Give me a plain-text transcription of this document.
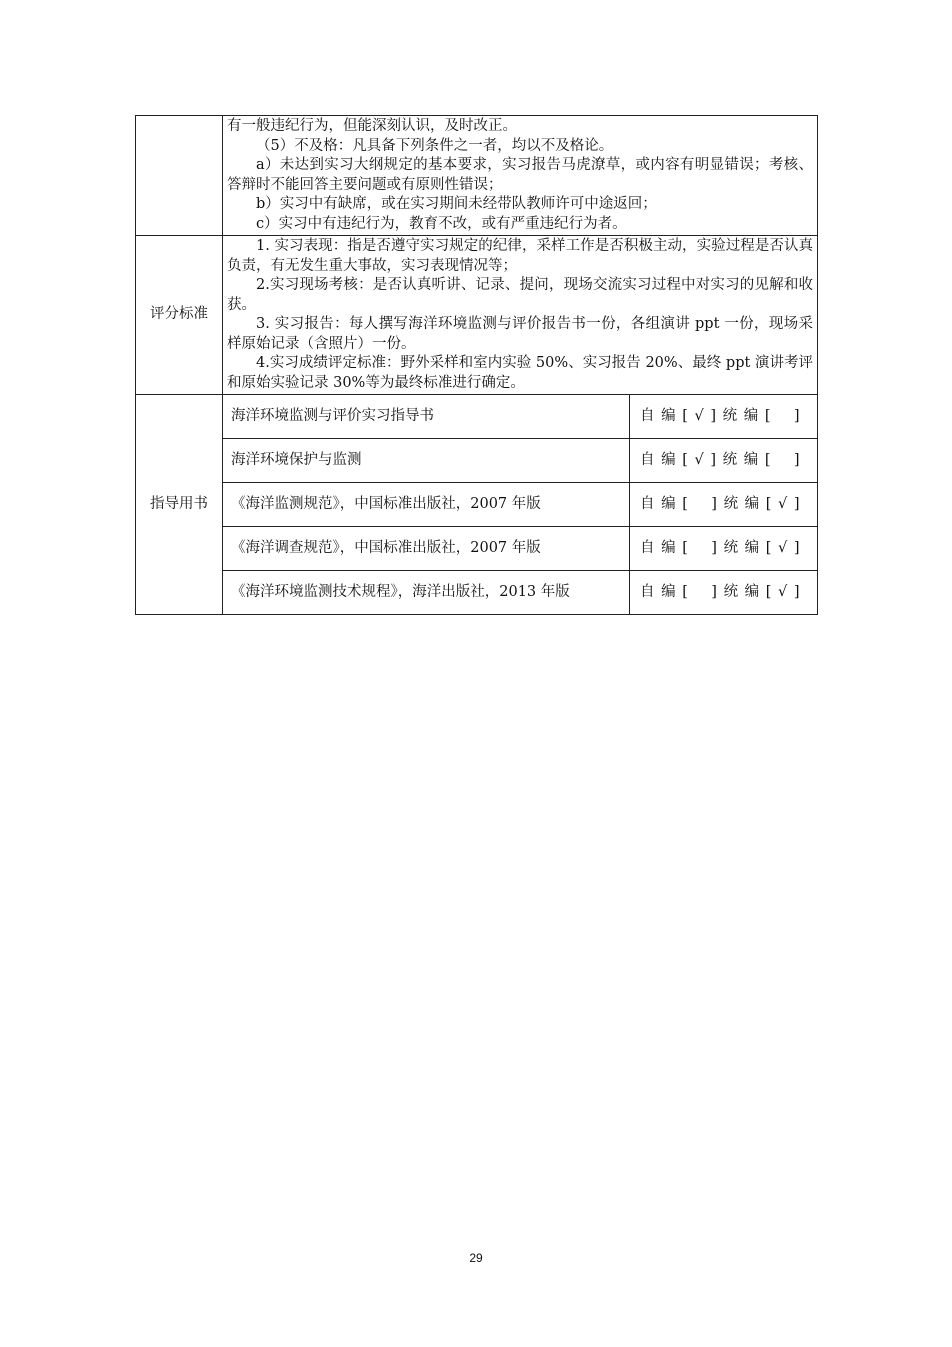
	有一般违纪行为，但能深刻认识，及时改正。

（5）不及格：凡具备下列条件之一者，均以不及格论。

a）未达到实习大纲规定的基本要求，实习报告马虎潦草，或内容有明显错误；考核、答辩时不能回答主要问题或有原则性错误；

b）实习中有缺席，或在实习期间未经带队教师许可中途返回；

c）实习中有违纪行为，教育不改，或有严重违纪行为者。	

评分标准	1. 实习表现：指是否遵守实习规定的纪律，采样工作是否积极主动，实验过程是否认真负责，有无发生重大事故，实习表现情况等；

2.实习现场考核：是否认真听讲、记录、提问，现场交流实习过程中对实习的见解和收获。

3. 实习报告：每人撰写海洋环境监测与评价报告书一份，各组演讲 ppt 一份，现场采样原始记录（含照片）一份。

4.实习成绩评定标准：野外采样和室内实验 50%、实习报告 20%、最终 ppt 演讲考评和原始实验记录 30%等为最终标准进行确定。	

指导用书	海洋环境监测与评价实习指导书	自 编 [ √ ] 统 编 [    ]
	海洋环境保护与监测	自 编 [ √ ] 统 编 [    ]
	《海洋监测规范》，中国标准出版社，2007 年版	自 编 [    ] 统 编 [ √ ]
	《海洋调查规范》，中国标准出版社，2007 年版	自 编 [    ] 统 编 [ √ ]
	《海洋环境监测技术规程》，海洋出版社，2013 年版	自 编 [    ] 统 编 [ √ ]
29
